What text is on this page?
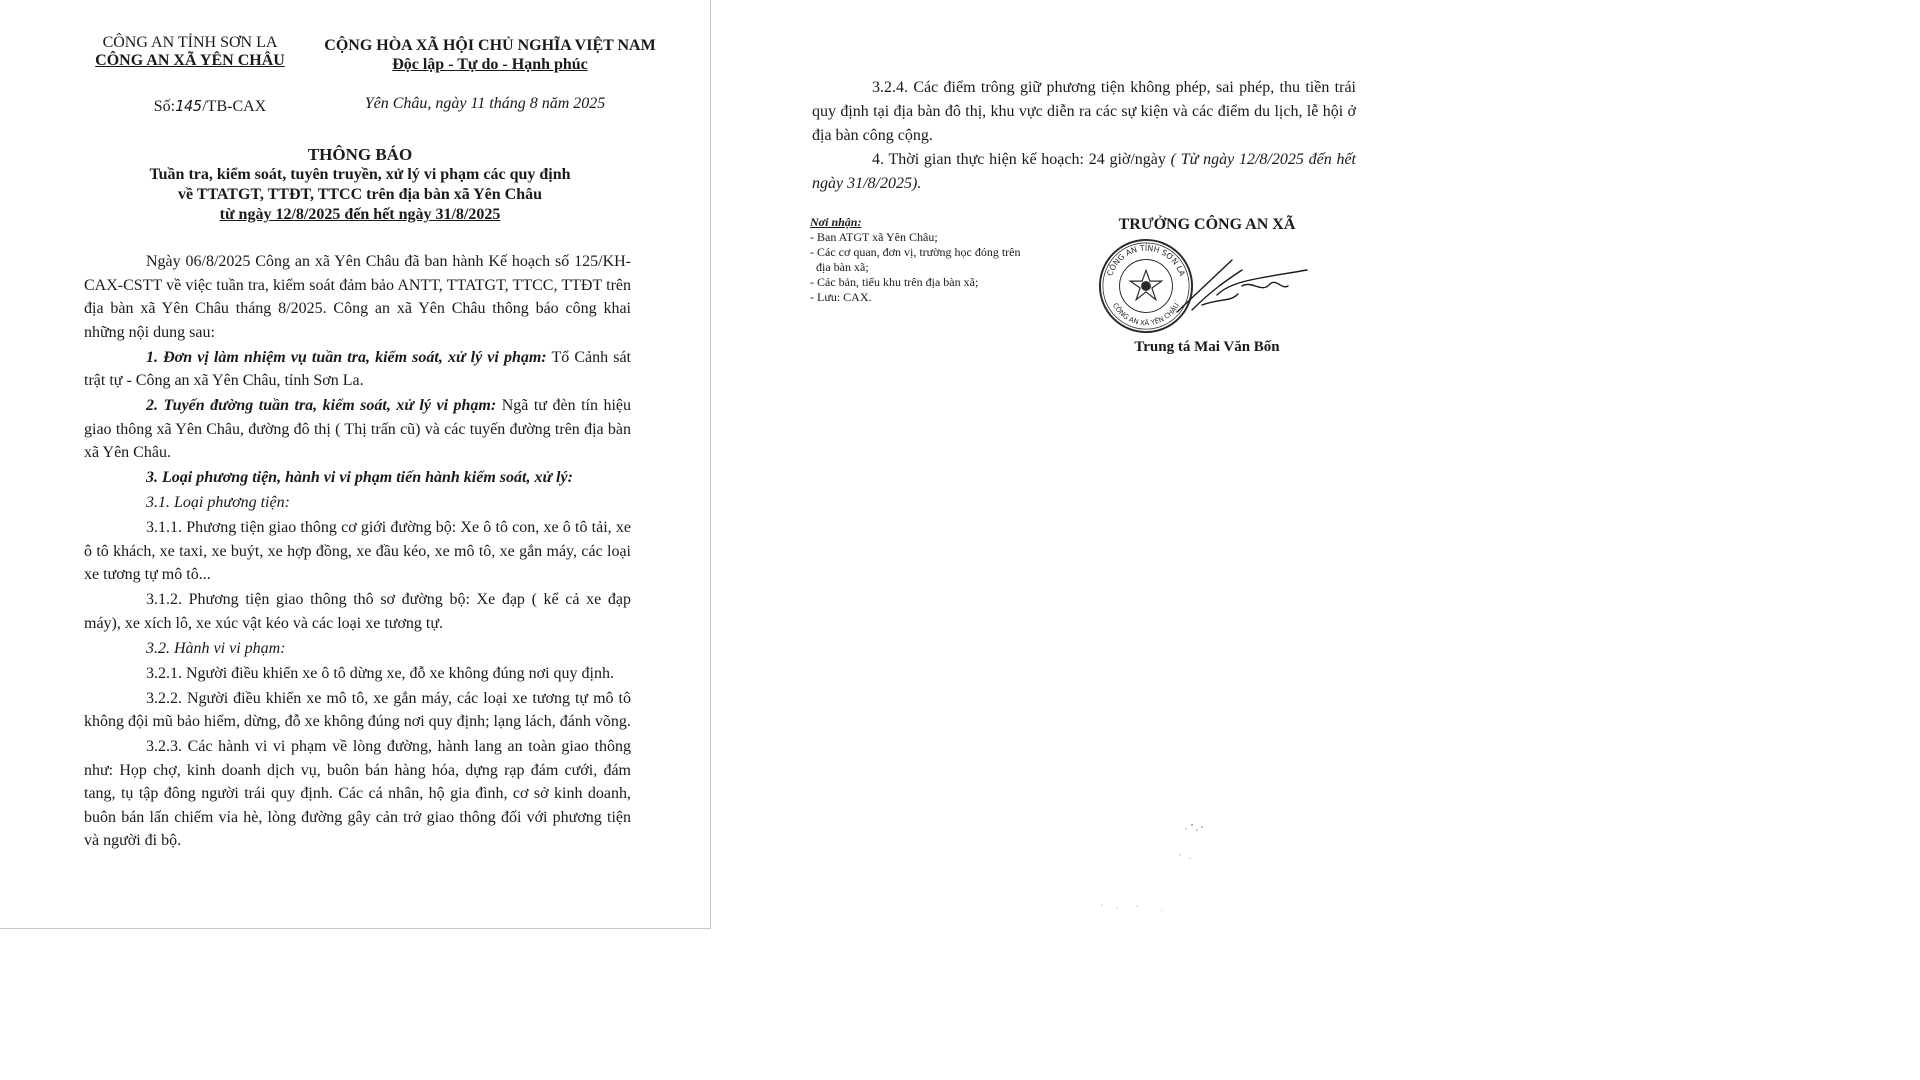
CÔNG AN TỈNH SƠN LA
CÔNG AN XÃ YÊN CHÂU
CỘNG HÒA XÃ HỘI CHỦ NGHĨA VIỆT NAM
Độc lập - Tự do - Hạnh phúc
Số:145/TB-CAX	Yên Châu, ngày 11 tháng 8 năm 2025
THÔNG BÁO
Tuần tra, kiểm soát, tuyên truyền, xử lý vi phạm các quy định
về TTATGT, TTĐT, TTCC trên địa bàn xã Yên Châu
từ ngày 12/8/2025 đến hết ngày 31/8/2025

Ngày 06/8/2025 Công an xã Yên Châu đã ban hành Kế hoạch số 125/KH-CAX-CSTT về việc tuần tra, kiểm soát đảm bảo ANTT, TTATGT, TTCC, TTĐT trên địa bàn xã Yên Châu tháng 8/2025. Công an xã Yên Châu thông báo công khai những nội dung sau:

1. Đơn vị làm nhiệm vụ tuần tra, kiểm soát, xử lý vi phạm: Tổ Cảnh sát trật tự - Công an xã Yên Châu, tỉnh Sơn La.

2. Tuyến đường tuần tra, kiểm soát, xử lý vi phạm: Ngã tư đèn tín hiệu giao thông xã Yên Châu, đường đô thị ( Thị trấn cũ) và các tuyến đường trên địa bàn xã Yên Châu.

3. Loại phương tiện, hành vi vi phạm tiến hành kiểm soát, xử lý:

3.1. Loại phương tiện:

3.1.1. Phương tiện giao thông cơ giới đường bộ: Xe ô tô con, xe ô tô tải, xe ô tô khách, xe taxi, xe buýt, xe hợp đồng, xe đầu kéo, xe mô tô, xe gắn máy, các loại xe tương tự mô tô...

3.1.2. Phương tiện giao thông thô sơ đường bộ: Xe đạp ( kể cả xe đạp máy), xe xích lô, xe xúc vật kéo và các loại xe tương tự.

3.2. Hành vi vi phạm:

3.2.1. Người điều khiển xe ô tô dừng xe, đỗ xe không đúng nơi quy định.

3.2.2. Người điều khiển xe mô tô, xe gắn máy, các loại xe tương tự mô tô không đội mũ bảo hiểm, dừng, đỗ xe không đúng nơi quy định; lạng lách, đánh võng.

3.2.3. Các hành vi vi phạm về lòng đường, hành lang an toàn giao thông như: Họp chợ, kinh doanh dịch vụ, buôn bán hàng hóa, dựng rạp đám cưới, đám tang, tụ tập đông người trái quy định. Các cá nhân, hộ gia đình, cơ sở kinh doanh, buôn bán lấn chiếm vỉa hè, lòng đường gây cản trở giao thông đối với phương tiện và người đi bộ.

3.2.4. Các điểm trông giữ phương tiện không phép, sai phép, thu tiền trái quy định tại địa bàn đô thị, khu vực diễn ra các sự kiện và các điểm du lịch, lễ hội ở địa bàn công cộng.

4. Thời gian thực hiện kế hoạch: 24 giờ/ngày ( Từ ngày 12/8/2025 đến hết ngày 31/8/2025).

Nơi nhận:
- Ban ATGT xã Yên Châu;
- Các cơ quan, đơn vị, trường học đóng trên
địa bàn xã;
- Các bản, tiểu khu trên địa bàn xã;
- Lưu: CAX.
TRƯỞNG CÔNG AN XÃ
CÔNG AN TỈNH SƠN LA
CÔNG AN XÃ YÊN CHÂU
Trung tá Mai Văn Bốn
